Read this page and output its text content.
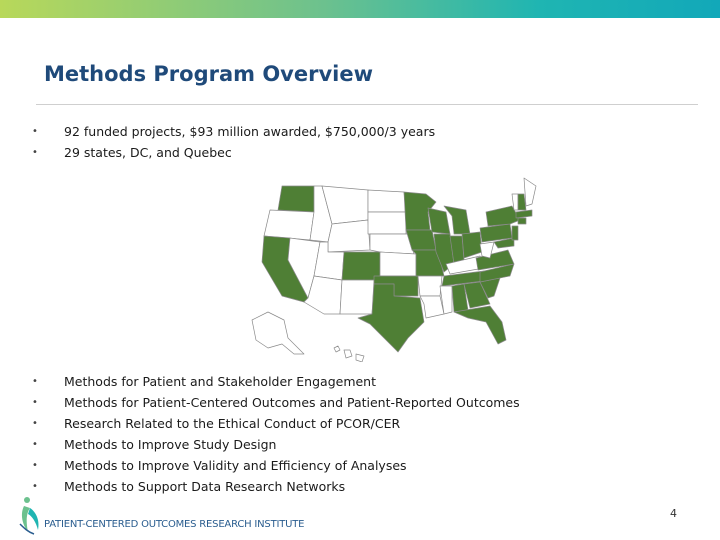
Methods Program Overview
• 92 funded projects, $93 million awarded, $750,000/3 years
• 29 states, DC, and Quebec
• Methods for Patient and Stakeholder Engagement
• Methods for Patient-Centered Outcomes and Patient-Reported Outcomes
• Research Related to the Ethical Conduct of PCOR/CER
• Methods to Improve Study Design
• Methods to Improve Validity and Efficiency of Analyses
• Methods to Support Data Research Networks
PATIENT-CENTERED OUTCOMES RESEARCH INSTITUTE
4
